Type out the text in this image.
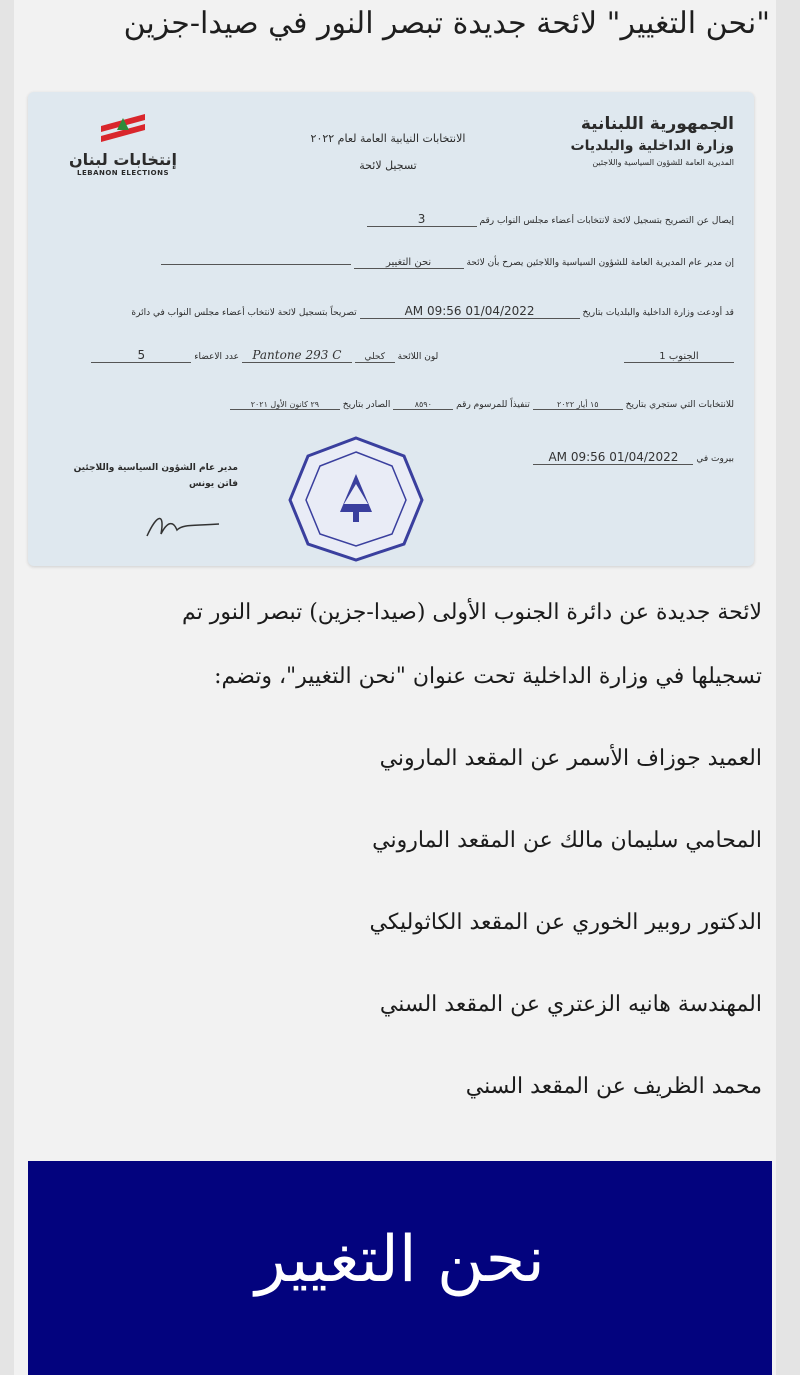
"نحن التغيير" لائحة جديدة تبصر النور في صيدا-جزين
الجمهورية اللبنانية
وزارة الداخلية والبلديات
المديرية العامة للشؤون السياسية واللاجئين
الانتخابات النيابية العامة لعام ٢٠٢٢
تسجيل لائحة
إنتخابات لبنان
LEBANON ELECTIONS
إيصال عن التصريح بتسجيل لائحة لانتخابات أعضاء مجلس النواب رقم 3
إن مدير عام المديرية العامة للشؤون السياسية واللاجئين يصرح بأن لائحة نحن التغيير
قد أودعت وزارة الداخلية والبلديات بتاريخ 01/04/2022 09:56 AM تصريحاً بتسجيل لائحة لانتخاب أعضاء مجلس النواب في دائرة
الجنوب 1  لون اللائحة كحلي Pantone 293 C عدد الاعضاء 5
للانتخابات التي ستجري بتاريخ ١٥ أيار ٢٠٢٢ تنفيذاً للمرسوم رقم ٨٥٩٠ الصادر بتاريخ ٢٩ كانون الأول ٢٠٢١
بيروت في 01/04/2022 09:56 AM
مدير عام الشؤون السياسية واللاجئين
فاتن يونس
لائحة جديدة عن دائرة الجنوب الأولى (صيدا-جزين) تبصر النور تم
تسجيلها في وزارة الداخلية تحت عنوان "نحن التغيير"، وتضم:
العميد جوزاف الأسمر عن المقعد الماروني
المحامي سليمان مالك عن المقعد الماروني
الدكتور روبير الخوري عن المقعد الكاثوليكي
المهندسة هانيه الزعتري عن المقعد السني
محمد الظريف عن المقعد السني
نحن التغيير
